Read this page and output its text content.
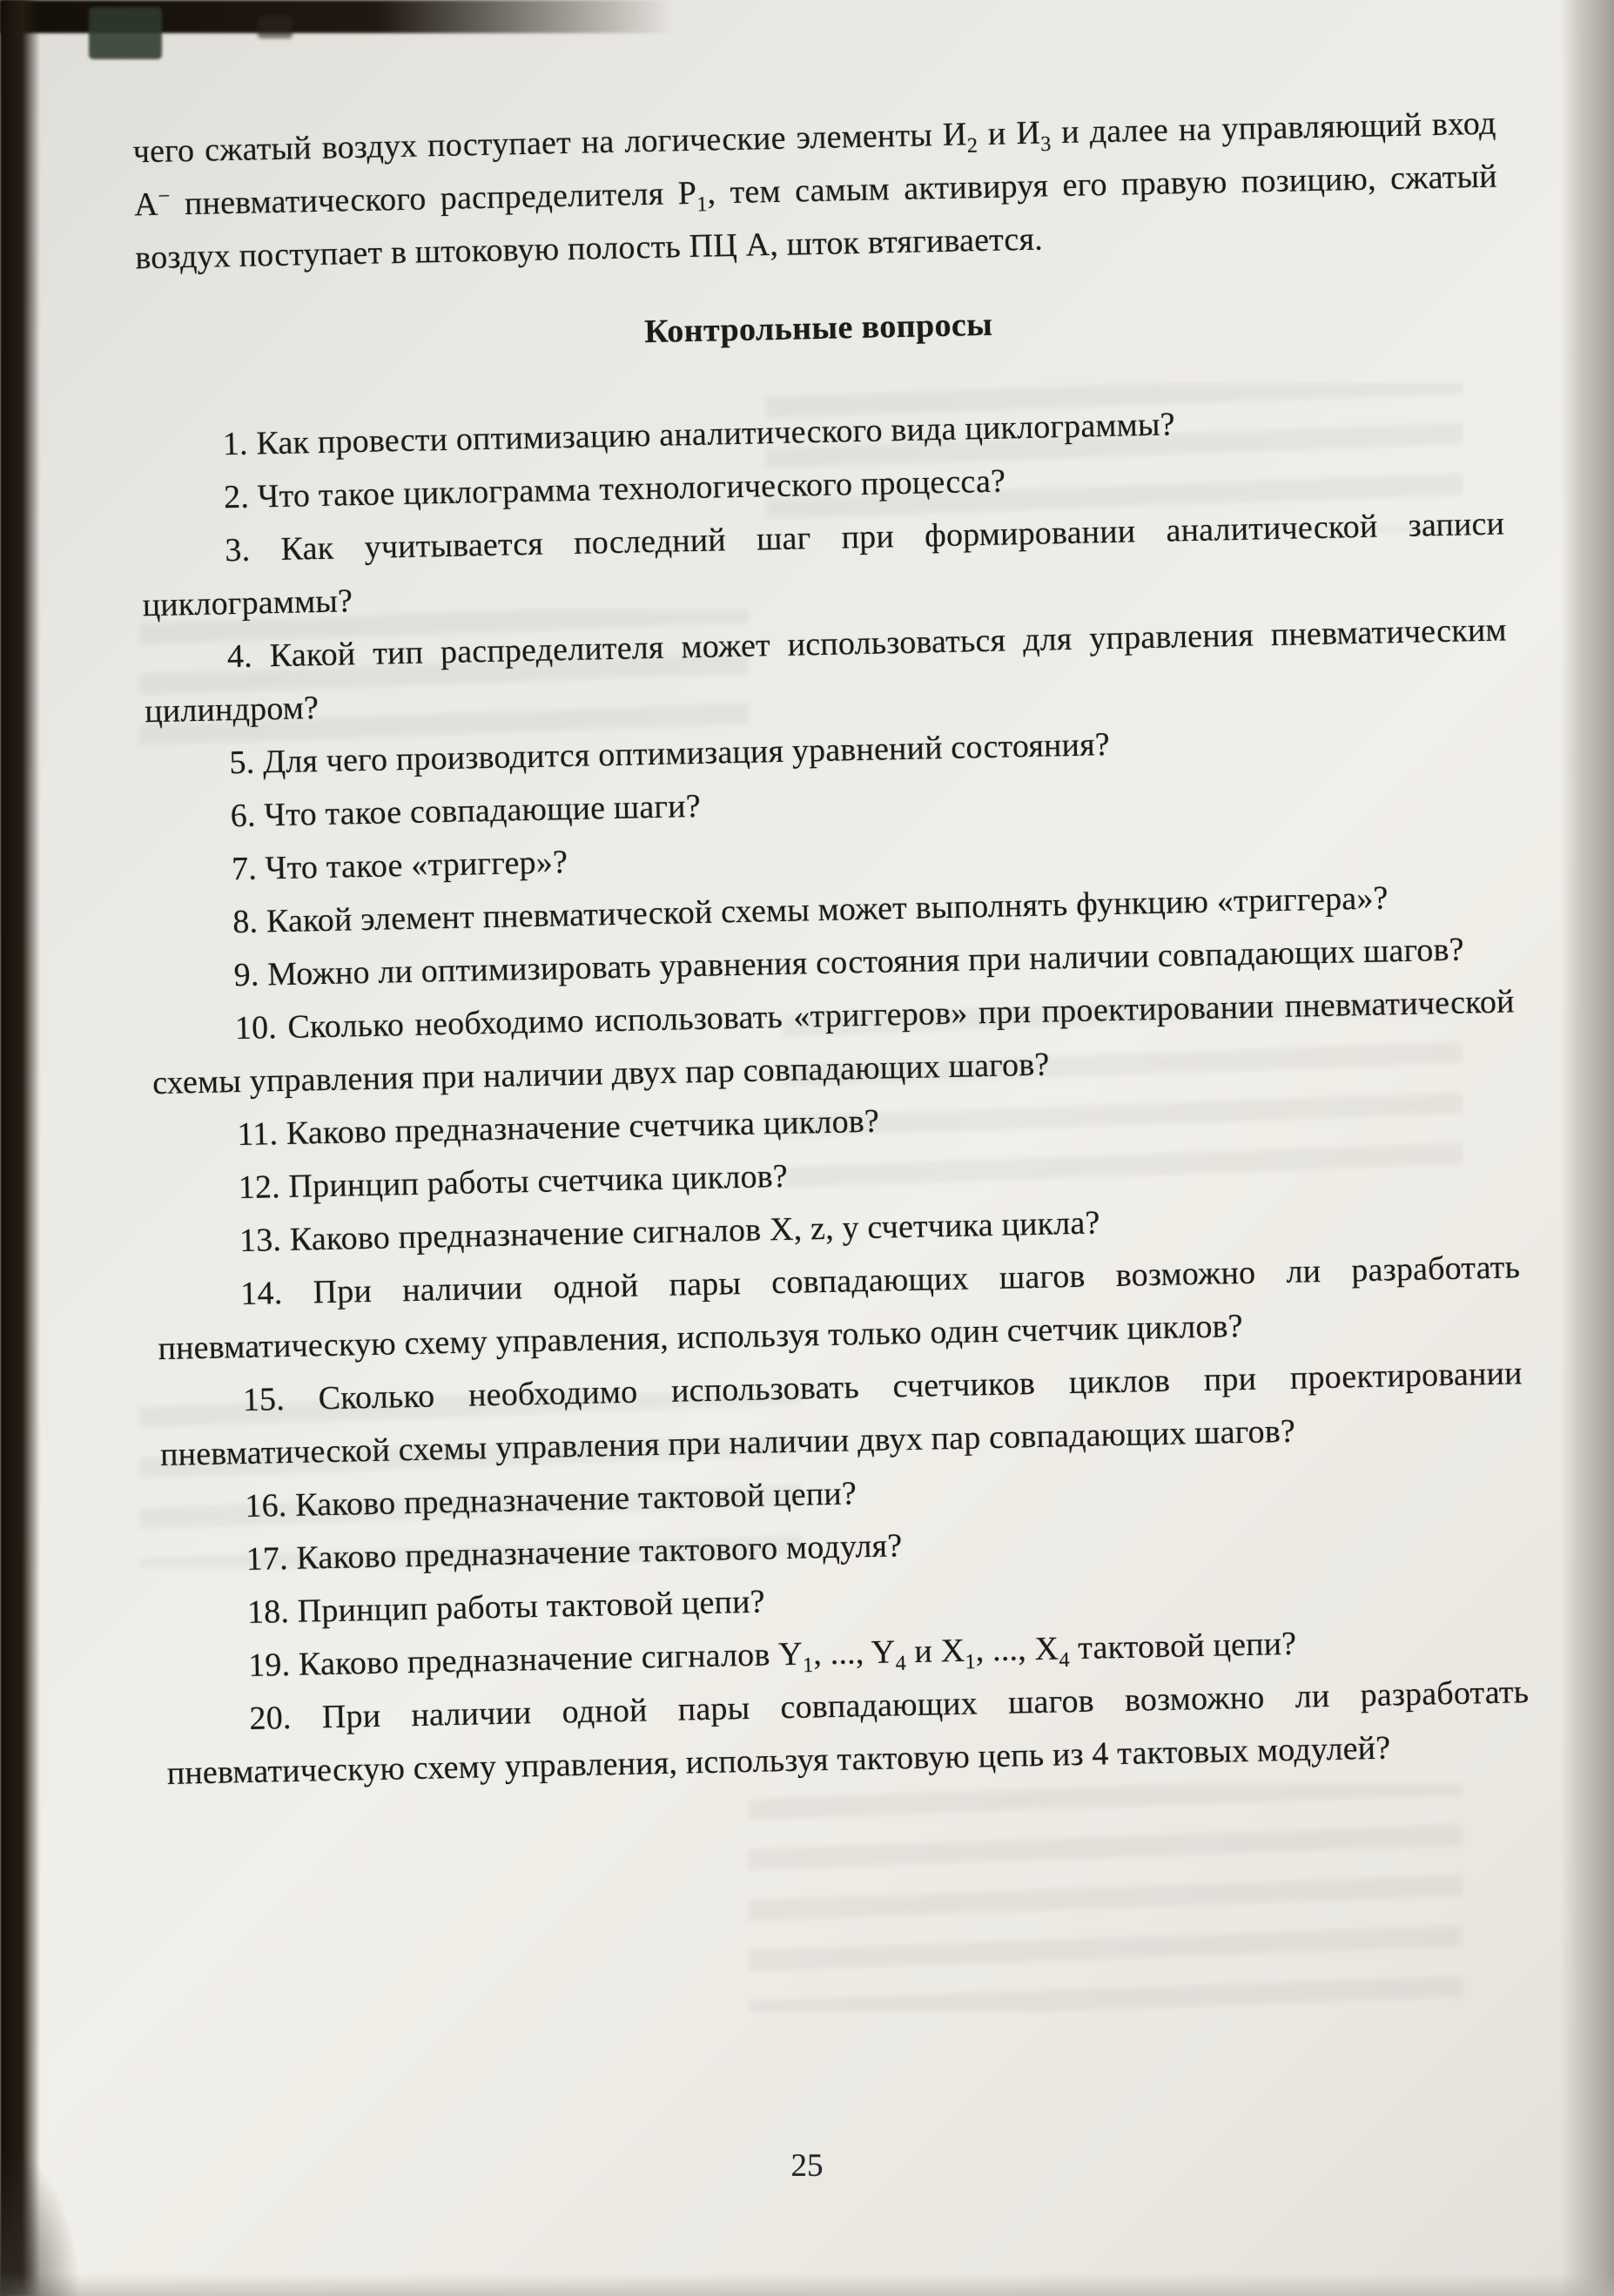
чего сжатый воздух поступает на логические элементы $И_2$ и $И_3$ и далее на управляющий вход А− пневматического распределителя $Р_1$, тем самым активируя его правую позицию, сжатый воздух поступает в штоковую полость ПЦ А, шток втягивается.

Контрольные вопросы

1. Как провести оптимизацию аналитического вида циклограммы?

2. Что такое циклограмма технологического процесса?

3. Как учитывается последний шаг при формировании аналитической записи циклограммы?

4. Какой тип распределителя может использоваться для управления пневматическим цилиндром?

5. Для чего производится оптимизация уравнений состояния?

6. Что такое совпадающие шаги?

7. Что такое «триггер»?

8. Какой элемент пневматической схемы может выполнять функцию «триггера»?

9. Можно ли оптимизировать уравнения состояния при наличии совпадающих шагов?

10. Сколько необходимо использовать «триггеров» при проектировании пневматической схемы управления при наличии двух пар совпадающих шагов?

11. Каково предназначение счетчика циклов?

12. Принцип работы счетчика циклов?

13. Каково предназначение сигналов X, z, у счетчика цикла?

14. При наличии одной пары совпадающих шагов возможно ли разработать пневматическую схему управления, используя только один счетчик циклов?

15. Сколько необходимо использовать счетчиков циклов при проектировании пневматической схемы управления при наличии двух пар совпадающих шагов?

16. Каково предназначение тактовой цепи?

17. Каково предназначение тактового модуля?

18. Принцип работы тактовой цепи?

19. Каково предназначение сигналов $Y_1$, ..., $Y_4$ и $X_1$, ..., $X_4$ тактовой цепи?

20. При наличии одной пары совпадающих шагов возможно ли разработать пневматическую схему управления, используя тактовую цепь из 4 тактовых модулей?

25
